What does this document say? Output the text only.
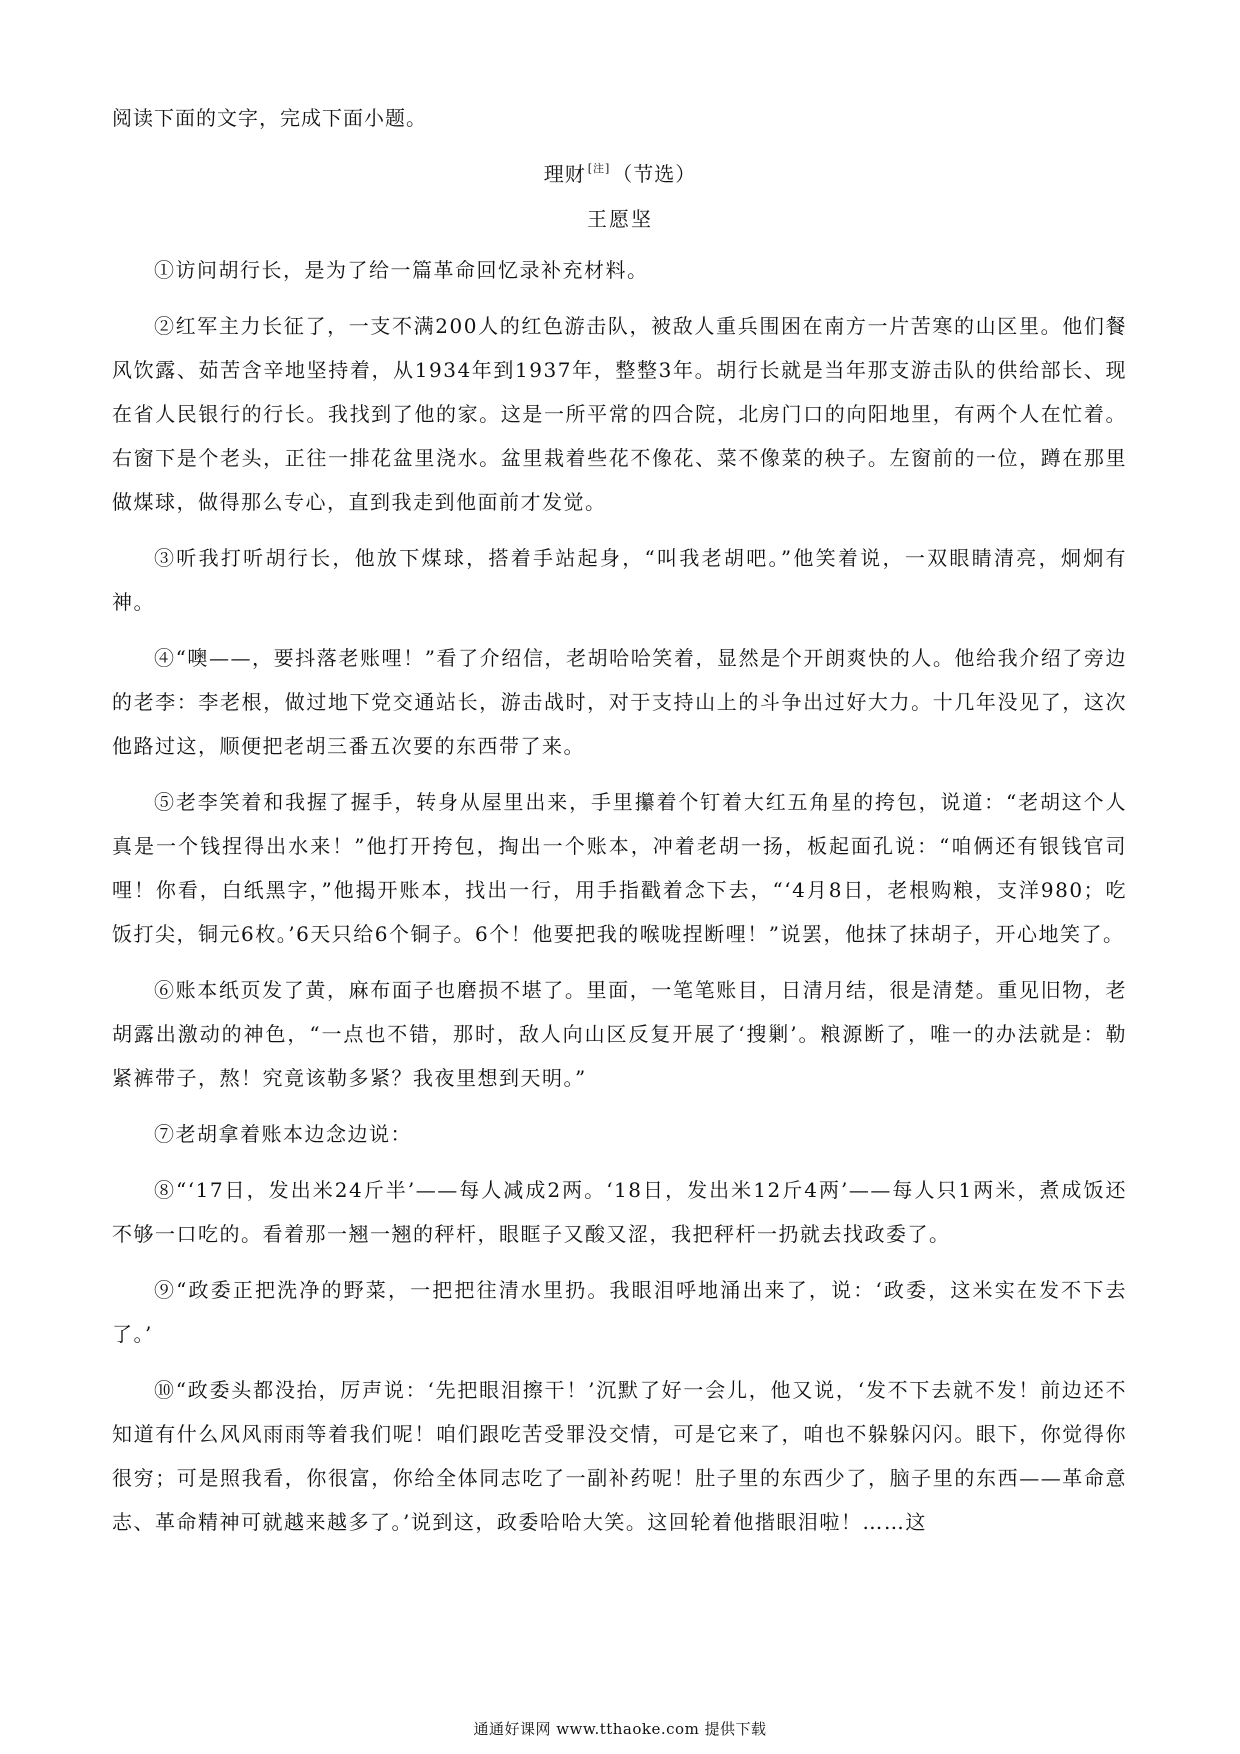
阅读下面的文字，完成下面小题。
理财 [注] （节选）
王愿坚

①访问胡行长，是为了给一篇革命回忆录补充材料。

②红军主力长征了，一支不满200人的红色游击队，被敌人重兵围困在南方一片苦寒的山区里。他们餐风饮露、茹苦含辛地坚持着，从1934年到1937年，整整3年。胡行长就是当年那支游击队的供给部长、现在省人民银行的行长。我找到了他的家。这是一所平常的四合院，北房门口的向阳地里，有两个人在忙着。右窗下是个老头，正往一排花盆里浇水。盆里栽着些花不像花、菜不像菜的秧子。左窗前的一位，蹲在那里做煤球，做得那么专心，直到我走到他面前才发觉。

③听我打听胡行长，他放下煤球，搭着手站起身，“叫我老胡吧。”他笑着说，一双眼睛清亮，炯炯有神。

④“噢——，要抖落老账哩！”看了介绍信，老胡哈哈笑着，显然是个开朗爽快的人。他给我介绍了旁边的老李：李老根，做过地下党交通站长，游击战时，对于支持山上的斗争出过好大力。十几年没见了，这次他路过这，顺便把老胡三番五次要的东西带了来。

⑤老李笑着和我握了握手，转身从屋里出来，手里攥着个钉着大红五角星的挎包，说道：“老胡这个人真是一个钱捏得出水来！”他打开挎包，掏出一个账本，冲着老胡一扬，板起面孔说：“咱俩还有银钱官司哩！你看，白纸黑字，”他揭开账本，找出一行，用手指戳着念下去，“‘4月8日，老根购粮，支洋980；吃饭打尖，铜元6枚。’6天只给6个铜子。6个！他要把我的喉咙捏断哩！”说罢，他抹了抹胡子，开心地笑了。

⑥账本纸页发了黄，麻布面子也磨损不堪了。里面，一笔笔账目，日清月结，很是清楚。重见旧物，老胡露出激动的神色，“一点也不错，那时，敌人向山区反复开展了‘搜剿’。粮源断了，唯一的办法就是：勒紧裤带子，熬！究竟该勒多紧？我夜里想到天明。”

⑦老胡拿着账本边念边说：

⑧“‘17日，发出米24斤半’——每人减成2两。‘18日，发出米12斤4两’——每人只1两米，煮成饭还不够一口吃的。看着那一翘一翘的秤杆，眼眶子又酸又涩，我把秤杆一扔就去找政委了。

⑨“政委正把洗净的野菜，一把把往清水里扔。我眼泪呼地涌出来了，说：‘政委，这米实在发不下去了。’

⑩“政委头都没抬，厉声说：‘先把眼泪擦干！’沉默了好一会儿，他又说，‘发不下去就不发！前边还不知道有什么风风雨雨等着我们呢！咱们跟吃苦受罪没交情，可是它来了，咱也不躲躲闪闪。眼下，你觉得你很穷；可是照我看，你很富，你给全体同志吃了一副补药呢！肚子里的东西少了，脑子里的东西——革命意志、革命精神可就越来越多了。’说到这，政委哈哈大笑。这回轮着他揩眼泪啦！……这

通通好课网 www.tthaoke.com 提供下载
